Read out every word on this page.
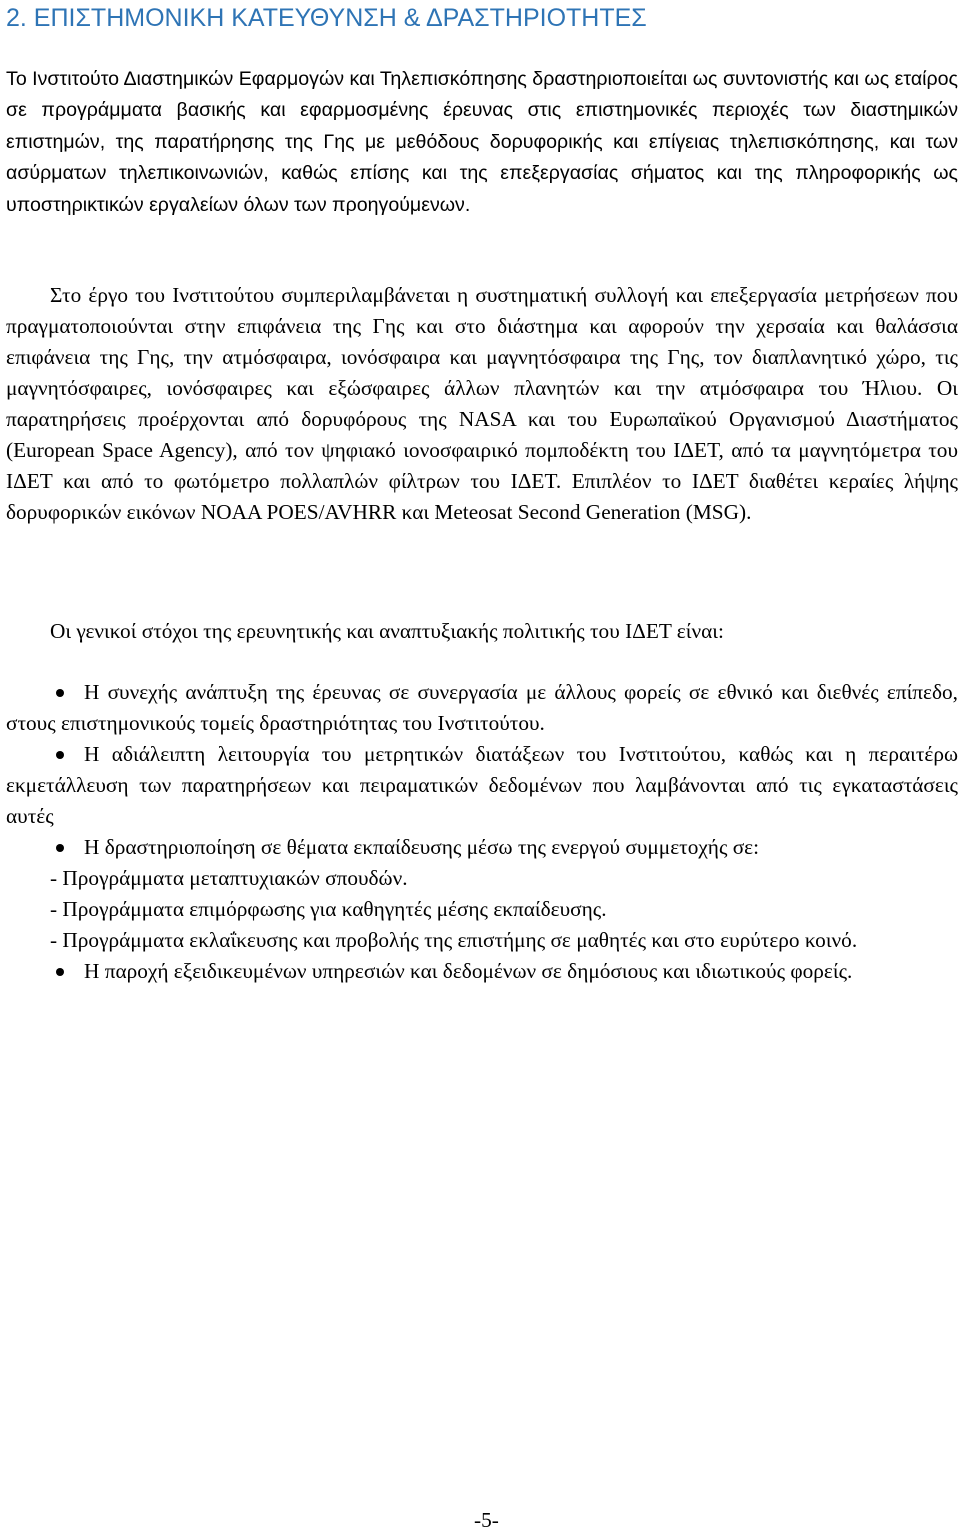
2. ΕΠΙΣΤΗΜΟΝΙΚΗ ΚΑΤΕΥΘΥΝΣΗ & ΔΡΑΣΤΗΡΙΟΤΗΤΕΣ

Το Ινστιτούτο Διαστημικών Εφαρμογών και Τηλεπισκόπησης δραστηριοποιείται ως συντονιστής και ως εταίρος σε προγράμματα βασικής και εφαρμοσμένης έρευνας στις επιστημονικές περιοχές των διαστημικών επιστημών, της παρατήρησης της Γης με μεθόδους δορυφορικής και επίγειας τηλεπισκόπησης, και των ασύρματων τηλεπικοινωνιών, καθώς επίσης και της επεξεργασίας σήματος και της πληροφορικής ως υποστηρικτικών εργαλείων όλων των προηγούμενων.

Στο έργο του Ινστιτούτου συμπεριλαμβάνεται η συστηματική συλλογή και επεξεργασία μετρήσεων που πραγματοποιούνται στην επιφάνεια της Γης και στο διάστημα και αφορούν την χερσαία και θαλάσσια επιφάνεια της Γης, την ατμόσφαιρα, ιονόσφαιρα και μαγνητόσφαιρα της Γης, τον διαπλανητικό χώρο, τις μαγνητόσφαιρες, ιονόσφαιρες και εξώσφαιρες άλλων πλανητών και την ατμόσφαιρα του Ήλιου. Οι παρατηρήσεις προέρχονται από δορυφόρους της NASA και του Ευρωπαϊκού Οργανισμού Διαστήματος (European Space Agency), από τον ψηφιακό ιονοσφαιρικό πομποδέκτη του ΙΔΕΤ, από τα μαγνητόμετρα του ΙΔΕΤ και από το φωτόμετρο πολλαπλών φίλτρων του ΙΔΕΤ. Επιπλέον το ΙΔΕΤ διαθέτει κεραίες λήψης δορυφορικών εικόνων NOAA POES/AVHRR και Meteosat Second Generation (MSG).

Οι γενικοί στόχοι της ερευνητικής και αναπτυξιακής πολιτικής του ΙΔΕΤ είναι:

Η συνεχής ανάπτυξη της έρευνας σε συνεργασία με άλλους φορείς σε εθνικό και διεθνές επίπεδο, στους επιστημονικούς τομείς δραστηριότητας του Ινστιτούτου.

Η αδιάλειπτη λειτουργία του μετρητικών διατάξεων του Ινστιτούτου, καθώς και η περαιτέρω εκμετάλλευση των παρατηρήσεων και πειραματικών δεδομένων που λαμβάνονται από τις εγκαταστάσεις αυτές

Η δραστηριοποίηση σε θέματα εκπαίδευσης μέσω της ενεργού συμμετοχής σε:

- Προγράμματα μεταπτυχιακών σπουδών.

- Προγράμματα επιμόρφωσης για καθηγητές μέσης εκπαίδευσης.

- Προγράμματα εκλαΐκευσης και προβολής της επιστήμης σε μαθητές και στο ευρύτερο κοινό.

Η παροχή εξειδικευμένων υπηρεσιών και δεδομένων σε δημόσιους και ιδιωτικούς φορείς.

-5-
